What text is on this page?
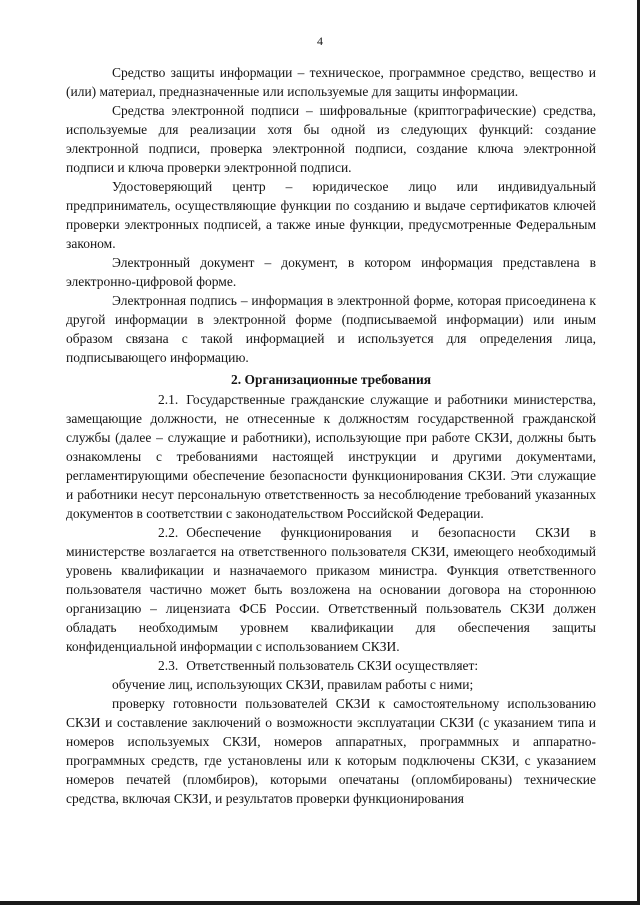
4

Средство защиты информации – техническое, программное средство, вещество и (или) материал, предназначенные или используемые для защиты информации.

Средства электронной подписи – шифровальные (криптографические) средства, используемые для реализации хотя бы одной из следующих функций: создание электронной подписи, проверка электронной подписи, создание ключа электронной подписи и ключа проверки электронной подписи.

Удостоверяющий центр – юридическое лицо или индивидуальный предприниматель, осуществляющие функции по созданию и выдаче сертификатов ключей проверки электронных подписей, а также иные функции, предусмотренные Федеральным законом.

Электронный документ – документ, в котором информация представлена в электронно-цифровой форме.

Электронная подпись – информация в электронной форме, которая присоединена к другой информации в электронной форме (подписываемой информации) или иным образом связана с такой информацией и используется для определения лица, подписывающего информацию.

2. Организационные требования

2.1. Государственные гражданские служащие и работники министерства, замещающие должности, не отнесенные к должностям государственной гражданской службы (далее – служащие и работники), использующие при работе СКЗИ, должны быть ознакомлены с требованиями настоящей инструкции и другими документами, регламентирующими обеспечение безопасности функционирования СКЗИ. Эти служащие и работники несут персональную ответственность за несоблюдение требований указанных документов в соответствии с законодательством Российской Федерации.

2.2. Обеспечение функционирования и безопасности СКЗИ в министерстве возлагается на ответственного пользователя СКЗИ, имеющего необходимый уровень квалификации и назначаемого приказом министра. Функция ответственного пользователя частично может быть возложена на основании договора на стороннюю организацию – лицензиата ФСБ России. Ответственный пользователь СКЗИ должен обладать необходимым уровнем квалификации для обеспечения защиты конфиденциальной информации с использованием СКЗИ.

2.3. Ответственный пользователь СКЗИ осуществляет:

обучение лиц, использующих СКЗИ, правилам работы с ними;

проверку готовности пользователей СКЗИ к самостоятельному использованию СКЗИ и составление заключений о возможности эксплуатации СКЗИ (с указанием типа и номеров используемых СКЗИ, номеров аппаратных, программных и аппаратно-программных средств, где установлены или к которым подключены СКЗИ, с указанием номеров печатей (пломбиров), которыми опечатаны (опломбированы) технические средства, включая СКЗИ, и результатов проверки функционирования
